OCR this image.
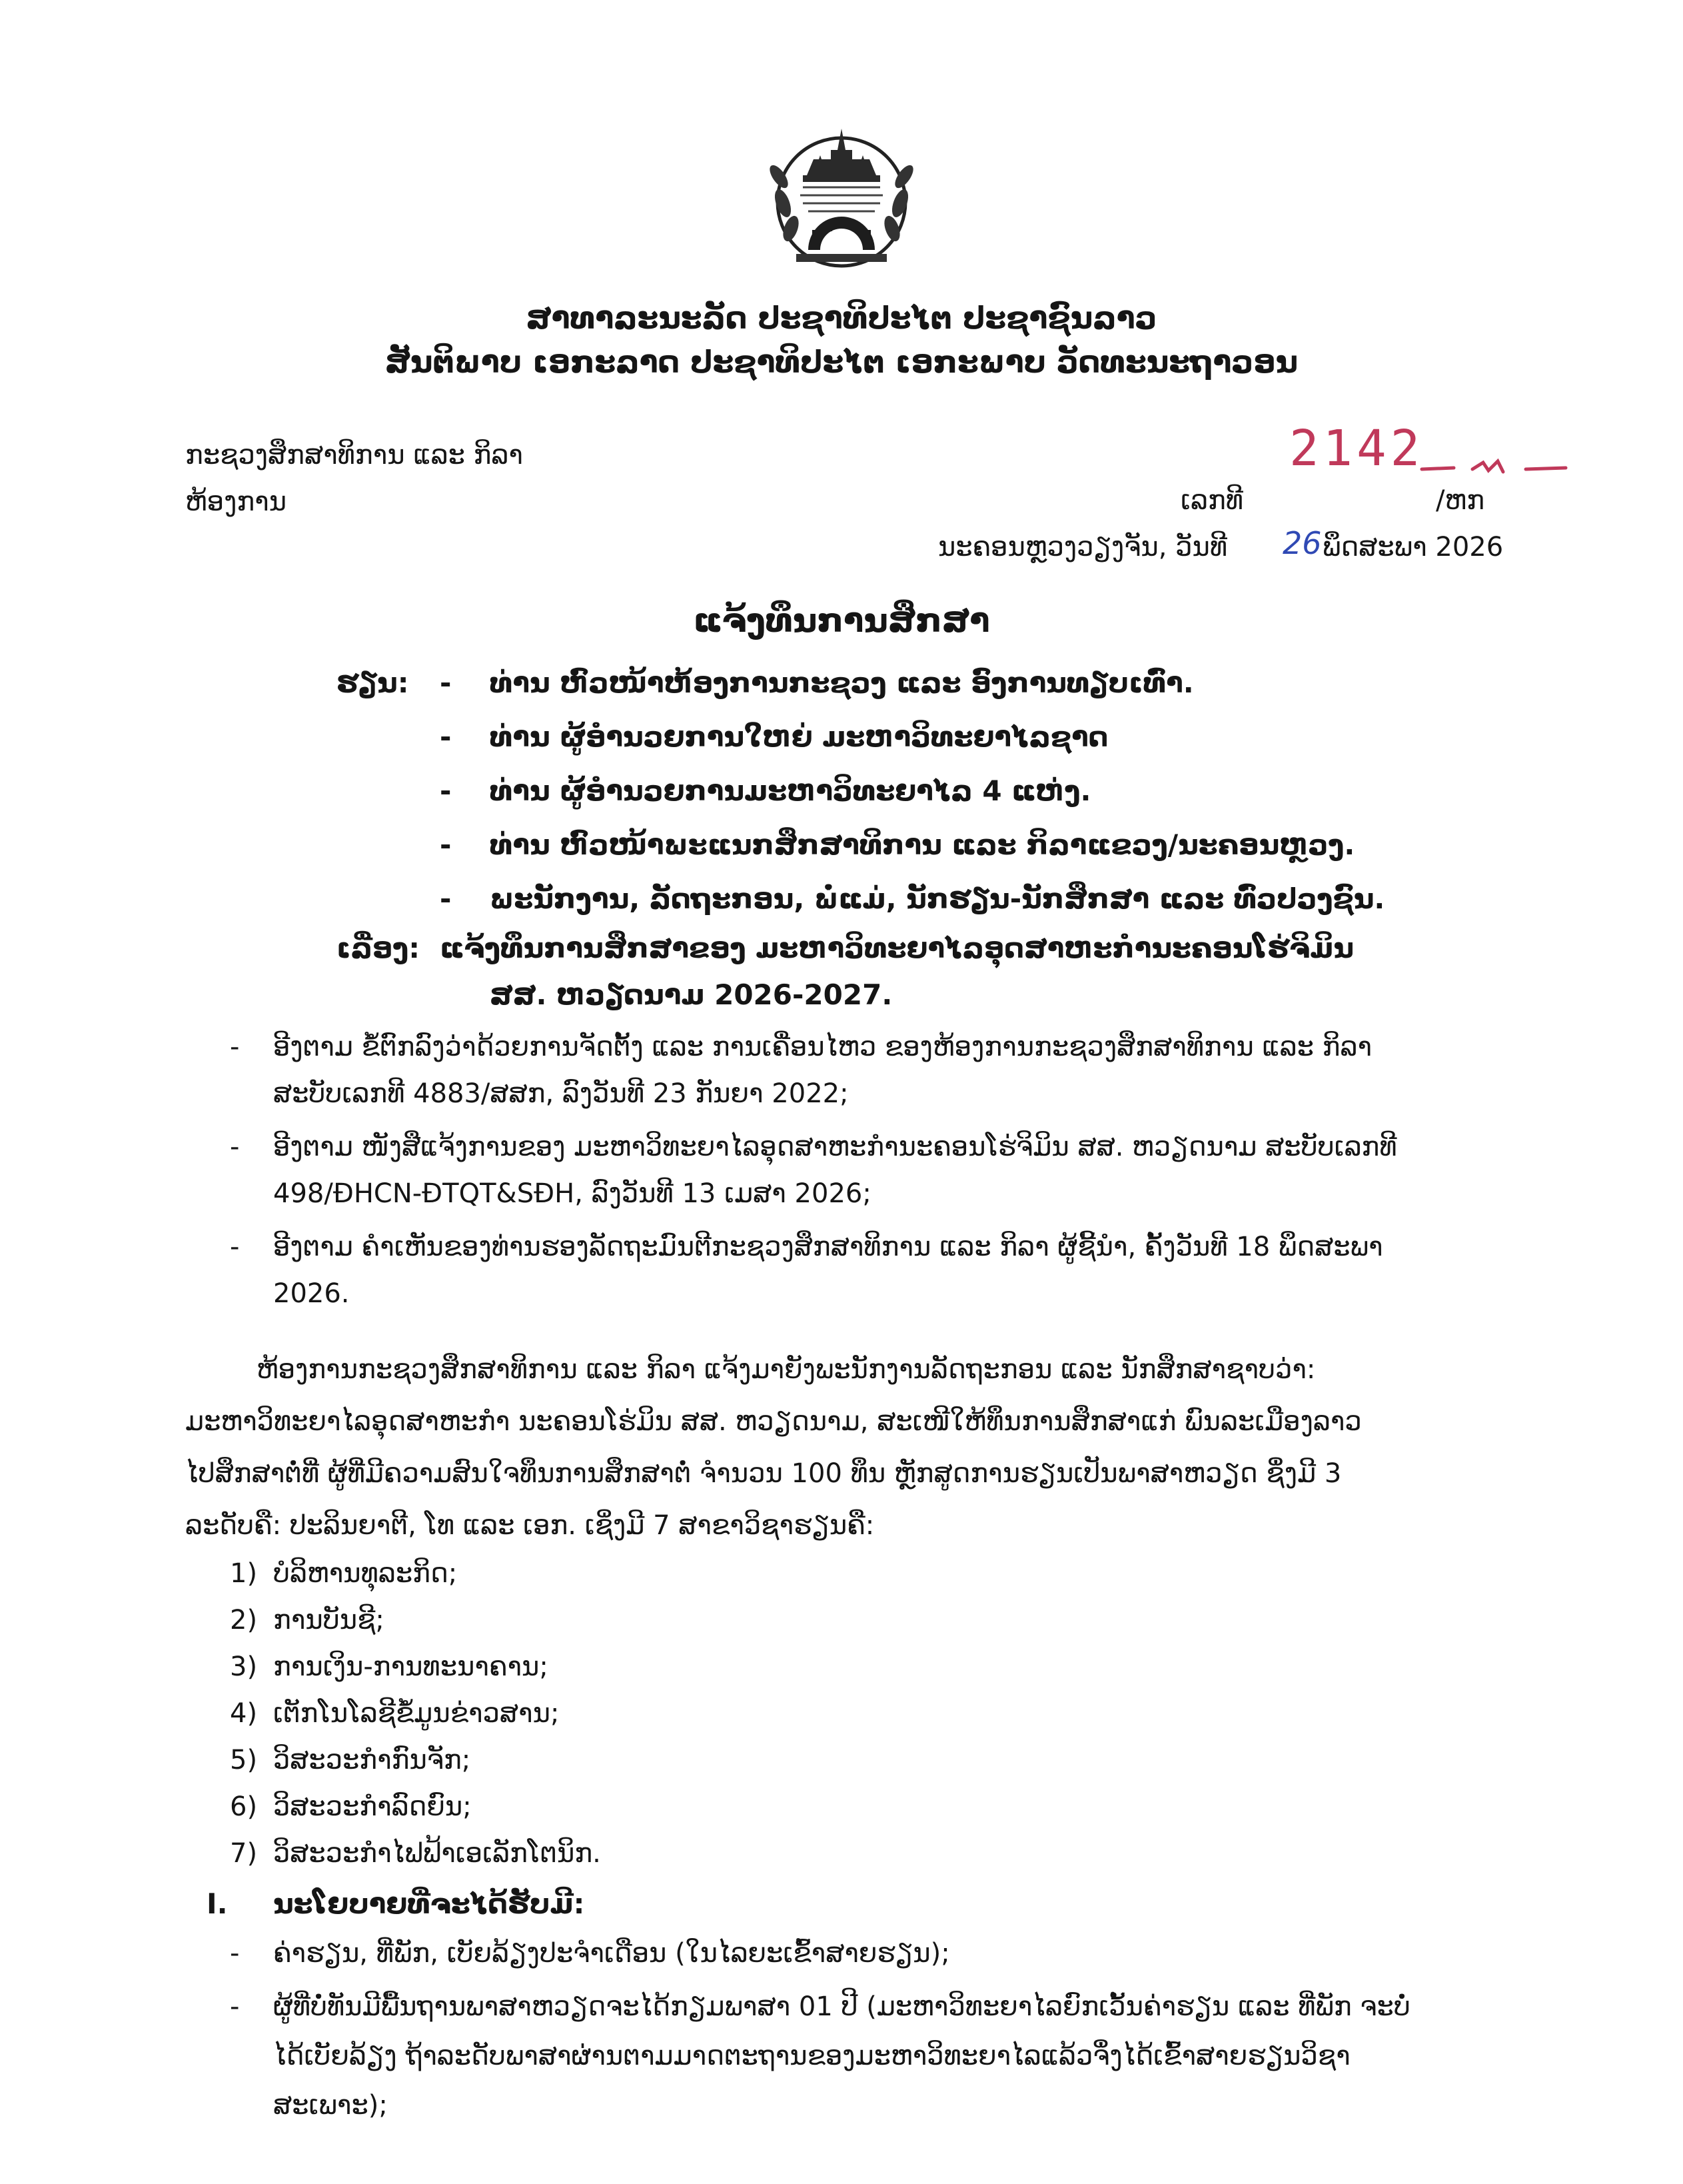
ສາທາລະນະລັດ ປະຊາທິປະໄຕ ປະຊາຊົນລາວ
ສັນຕິພາບ ເອກະລາດ ປະຊາທິປະໄຕ ເອກະພາບ ວັດທະນະຖາວອນ
ກະຊວງສຶກສາທິການ ແລະ ກິລາ
ຫ້ອງການ
2142
ເລກທີ	/ຫກ
ນະຄອນຫຼວງວຽງຈັນ, ວັນທີ 26 ພຶດສະພາ 2026
ແຈ້ງທຶນການສຶກສາ
ຮຽນ: - ທ່ານ ຫົວໜ້າຫ້ອງການກະຊວງ ແລະ ອົງການທຽບເທົ່າ.
- ທ່ານ ຜູ້ອໍານວຍການໃຫຍ່ ມະຫາວິທະຍາໄລຊາດ
- ທ່ານ ຜູ້ອໍານວຍການມະຫາວິທະຍາໄລ 4 ແຫ່ງ.
- ທ່ານ ຫົວໜ້າພະແນກສຶກສາທິການ ແລະ ກິລາແຂວງ/ນະຄອນຫຼວງ.
- ພະນັກງານ, ລັດຖະກອນ, ພໍ່ແມ່, ນັກຮຽນ-ນັກສຶກສາ ແລະ ທົ່ວປວງຊົນ.
ເລື່ອງ: ແຈ້ງທຶນການສຶກສາຂອງ ມະຫາວິທະຍາໄລອຸດສາຫະກໍານະຄອນໂຮ່ຈິມິນ
ສສ. ຫວຽດນາມ 2026-2027.
- ອີງຕາມ ຂໍ້ຕົກລົງວ່າດ້ວຍການຈັດຕັ້ງ ແລະ ການເຄື່ອນໄຫວ ຂອງຫ້ອງການກະຊວງສຶກສາທິການ ແລະ ກິລາ
ສະບັບເລກທີ 4883/ສສກ, ລົງວັນທີ 23 ກັນຍາ 2022;
- ອີງຕາມ ໜັງສືແຈ້ງການຂອງ ມະຫາວິທະຍາໄລອຸດສາຫະກໍານະຄອນໂຮ່ຈິມິນ ສສ. ຫວຽດນາມ ສະບັບເລກທີ
498/ĐHCN-ĐTQT&SĐH, ລົງວັນທີ 13 ເມສາ 2026;
- ອີງຕາມ ຄໍາເຫັນຂອງທ່ານຮອງລັດຖະມົນຕີກະຊວງສຶກສາທິການ ແລະ ກິລາ ຜູ້ຊີ້ນໍາ, ຄັ້ງວັນທີ 18 ພຶດສະພາ
2026.
ຫ້ອງການກະຊວງສຶກສາທິການ ແລະ ກິລາ ແຈ້ງມາຍັງພະນັກງານລັດຖະກອນ ແລະ ນັກສຶກສາຊາບວ່າ:
ມະຫາວິທະຍາໄລອຸດສາຫະກໍາ ນະຄອນໂຮ່ມິນ ສສ. ຫວຽດນາມ, ສະເໜີໃຫ້ທຶນການສຶກສາແກ່ ພົນລະເມືອງລາວ
ໄປສຶກສາຕໍ່ທີ່ ຜູ້ທີ່ມີຄວາມສົນໃຈທຶນການສຶກສາຕໍ່ ຈໍານວນ 100 ທຶນ ຫຼັກສູດການຮຽນເປັນພາສາຫວຽດ ຊຶ່ງມີ 3
ລະດັບຄື: ປະລິນຍາຕີ, ໂທ ແລະ ເອກ. ເຊິ່ງມີ 7 ສາຂາວິຊາຮຽນຄື:
1) ບໍລິຫານທຸລະກິດ;
2) ການບັນຊີ;
3) ການເງິນ-ການທະນາຄານ;
4) ເຕັກໂນໂລຊີຂໍ້ມູນຂ່າວສານ;
5) ວິສະວະກໍາກົນຈັກ;
6) ວິສະວະກໍາລົດຍົນ;
7) ວິສະວະກໍາໄຟຟ້າເອເລັກໂຕນິກ.
I. ນະໂຍບາຍທີ່ຈະໄດ້ຮັບມີ:
- ຄ່າຮຽນ, ທີ່ພັກ, ເບັຍລ້ຽງປະຈໍາເດືອນ (ໃນໄລຍະເຂົ້າສາຍຮຽນ);
- ຜູ້ທີ່ບໍ່ທັນມີພື້ນຖານພາສາຫວຽດຈະໄດ້ກຽມພາສາ 01 ປີ (ມະຫາວິທະຍາໄລຍົກເວັ້ນຄ່າຮຽນ ແລະ ທີ່ພັກ ຈະບໍ່
ໄດ້ເບັຍລ້ຽງ ຖ້າລະດັບພາສາຜ່ານຕາມມາດຕະຖານຂອງມະຫາວິທະຍາໄລແລ້ວຈຶ່ງໄດ້ເຂົ້າສາຍຮຽນວິຊາ
ສະເພາະ);
